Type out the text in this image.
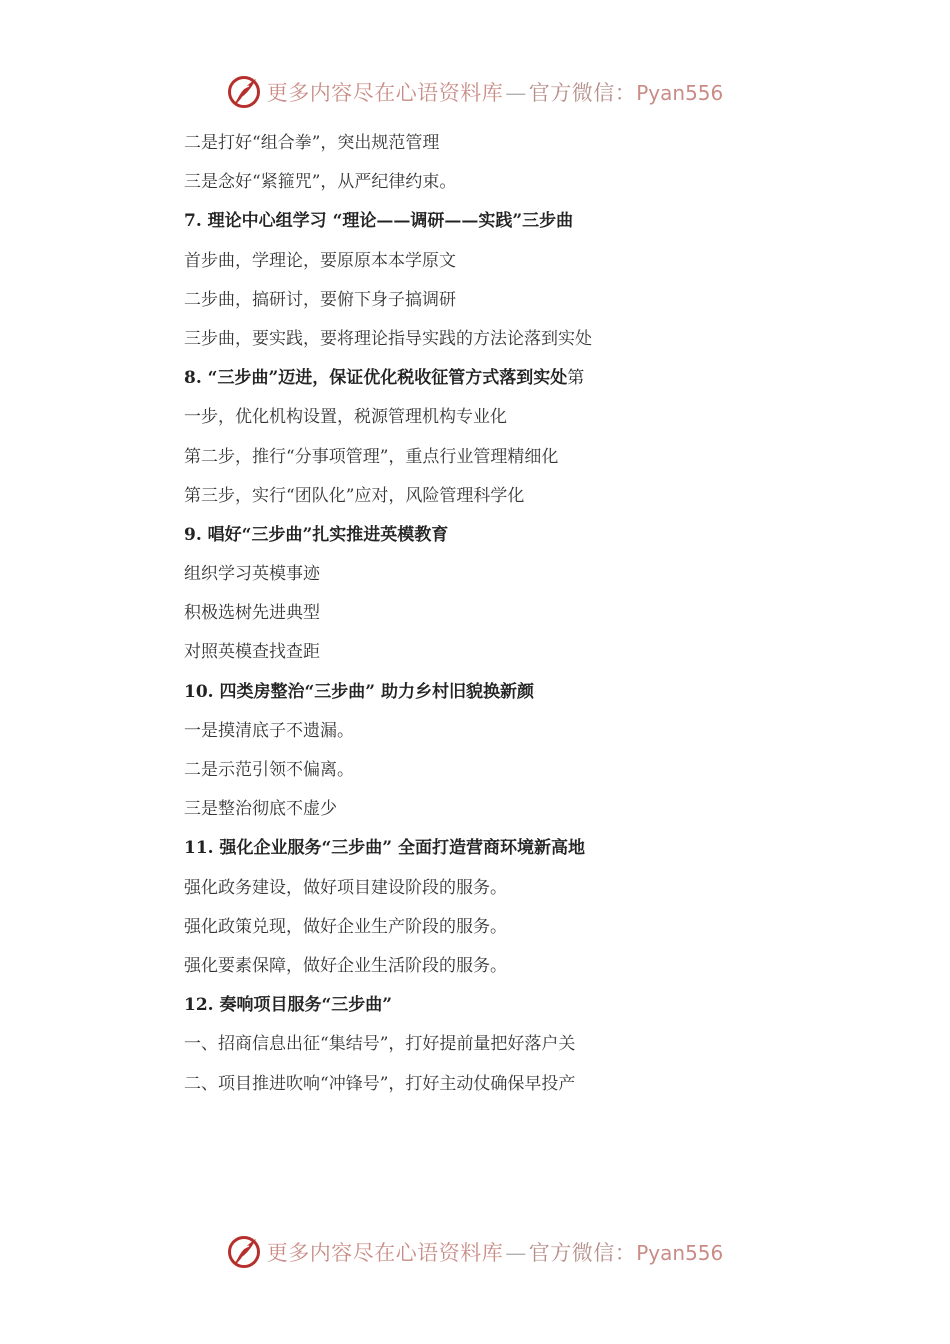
更多内容尽在心语资料库—官方微信：Pyan556
二是打好“组合拳”，突出规范管理
三是念好“紧箍咒”，从严纪律约束。
7. 理论中心组学习 “理论——调研——实践”三步曲
首步曲，学理论，要原原本本学原文
二步曲，搞研讨，要俯下身子搞调研
三步曲，要实践，要将理论指导实践的方法论落到实处
8. “三步曲”迈进，保证优化税收征管方式落到实处第
一步，优化机构设置，税源管理机构专业化
第二步，推行“分事项管理”，重点行业管理精细化
第三步，实行“团队化”应对，风险管理科学化
9. 唱好“三步曲”扎实推进英模教育
组织学习英模事迹
积极选树先进典型
对照英模查找查距
10. 四类房整治“三步曲” 助力乡村旧貌换新颜
一是摸清底子不遗漏。
二是示范引领不偏离。
三是整治彻底不虚少
11. 强化企业服务“三步曲” 全面打造营商环境新高地
强化政务建设，做好项目建设阶段的服务。
强化政策兑现，做好企业生产阶段的服务。
强化要素保障，做好企业生活阶段的服务。
12. 奏响项目服务“三步曲”
一、招商信息出征“集结号”，打好提前量把好落户关
二、项目推进吹响“冲锋号”，打好主动仗确保早投产
更多内容尽在心语资料库—官方微信：Pyan556
